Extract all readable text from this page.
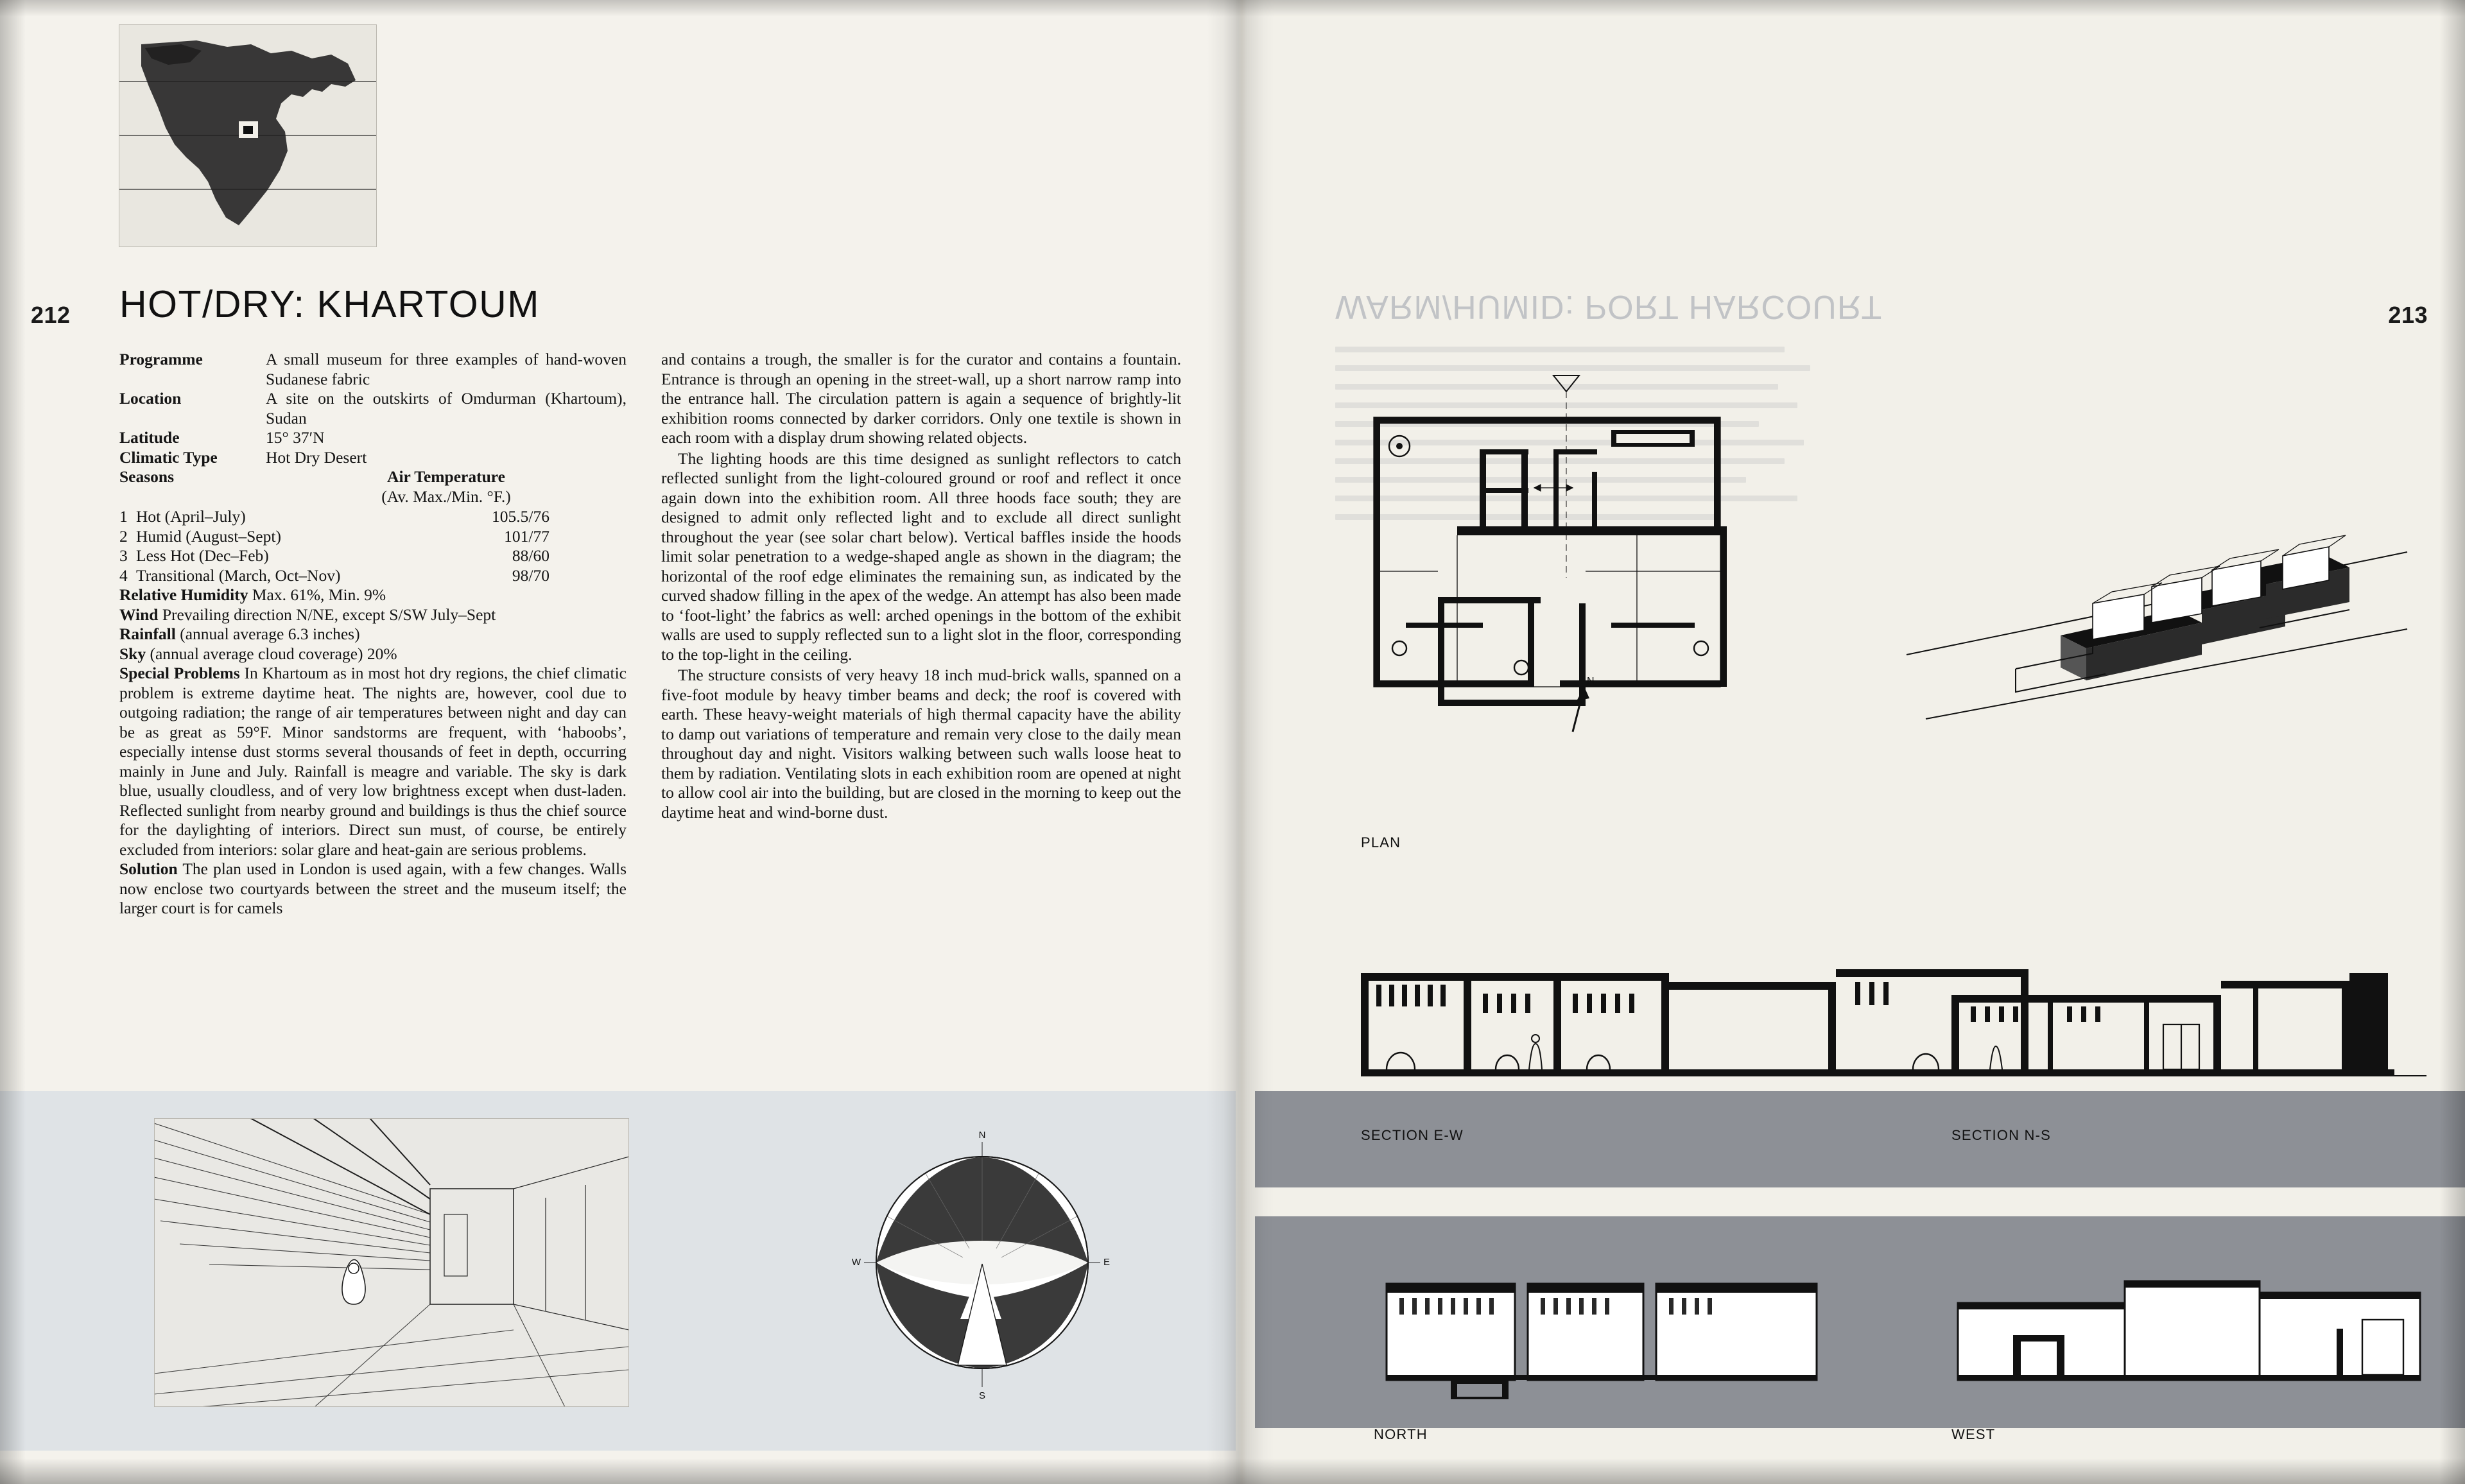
212	213
HOT/DRY: KHARTOUM
Programme	A small museum for three examples of hand-woven Sudanese fabric
Location	A site on the outskirts of Omdurman (Khartoum), Sudan
Latitude	15° 37′N
Climatic Type	Hot Dry Desert
Seasons	Air Temperature
	(Av. Max./Min. °F.)
1	Hot (April–July)	105.5/76
2	Humid (August–Sept)	101/77
3	Less Hot (Dec–Feb)	88/60
4	Transitional (March, Oct–Nov)	98/70

Relative Humidity Max. 61%, Min. 9%

Wind Prevailing direction N/NE, except S/SW July–Sept

Rainfall (annual average 6.3 inches)

Sky (annual average cloud coverage) 20%

Special Problems In Khartoum as in most hot dry regions, the chief climatic problem is extreme daytime heat. The nights are, however, cool due to outgoing radiation; the range of air temperatures between night and day can be as great as 59°F. Minor sandstorms are frequent, with ‘haboobs’, especially intense dust storms several thousands of feet in depth, occurring mainly in June and July. Rainfall is meagre and variable. The sky is dark blue, usually cloudless, and of very low brightness except when dust-laden. Reflected sunlight from nearby ground and buildings is thus the chief source for the daylighting of interiors. Direct sun must, of course, be entirely excluded from interiors: solar glare and heat-gain are serious problems.

Solution The plan used in London is used again, with a few changes. Walls now enclose two courtyards between the street and the museum itself; the larger court is for camels

and contains a trough, the smaller is for the curator and contains a fountain. Entrance is through an opening in the street-wall, up a short narrow ramp into the entrance hall. The circulation pattern is again a sequence of brightly-lit exhibition rooms connected by darker corridors. Only one textile is shown in each room with a display drum showing related objects.

The lighting hoods are this time designed as sunlight reflectors to catch reflected sunlight from the light-coloured ground or roof and reflect it once again down into the exhibition room. All three hoods face south; they are designed to admit only reflected light and to exclude all direct sunlight throughout the year (see solar chart below). Vertical baffles inside the hoods limit solar penetration to a wedge-shaped angle as shown in the diagram; the horizontal of the roof edge eliminates the remaining sun, as indicated by the curved shadow filling in the apex of the wedge. An attempt has also been made to ‘foot-light’ the fabrics as well: arched openings in the bottom of the exhibit walls are used to supply reflected sun to a light slot in the floor, corresponding to the top-light in the ceiling.

The structure consists of very heavy 18 inch mud-brick walls, spanned on a five-foot module by heavy timber beams and deck; the roof is covered with earth. These heavy-weight materials of high thermal capacity have the ability to damp out variations of temperature and remain very close to the daily mean throughout day and night. Visitors walking between such walls loose heat to them by radiation. Ventilating slots in each exhibition room are opened at night to allow cool air into the building, but are closed in the morning to keep out the daytime heat and wind-borne dust.

N
S
E
W
WARM/HUMID: PORT HARCOURT
N
PLAN
SECTION E-W	SECTION N-S
NORTH	WEST
